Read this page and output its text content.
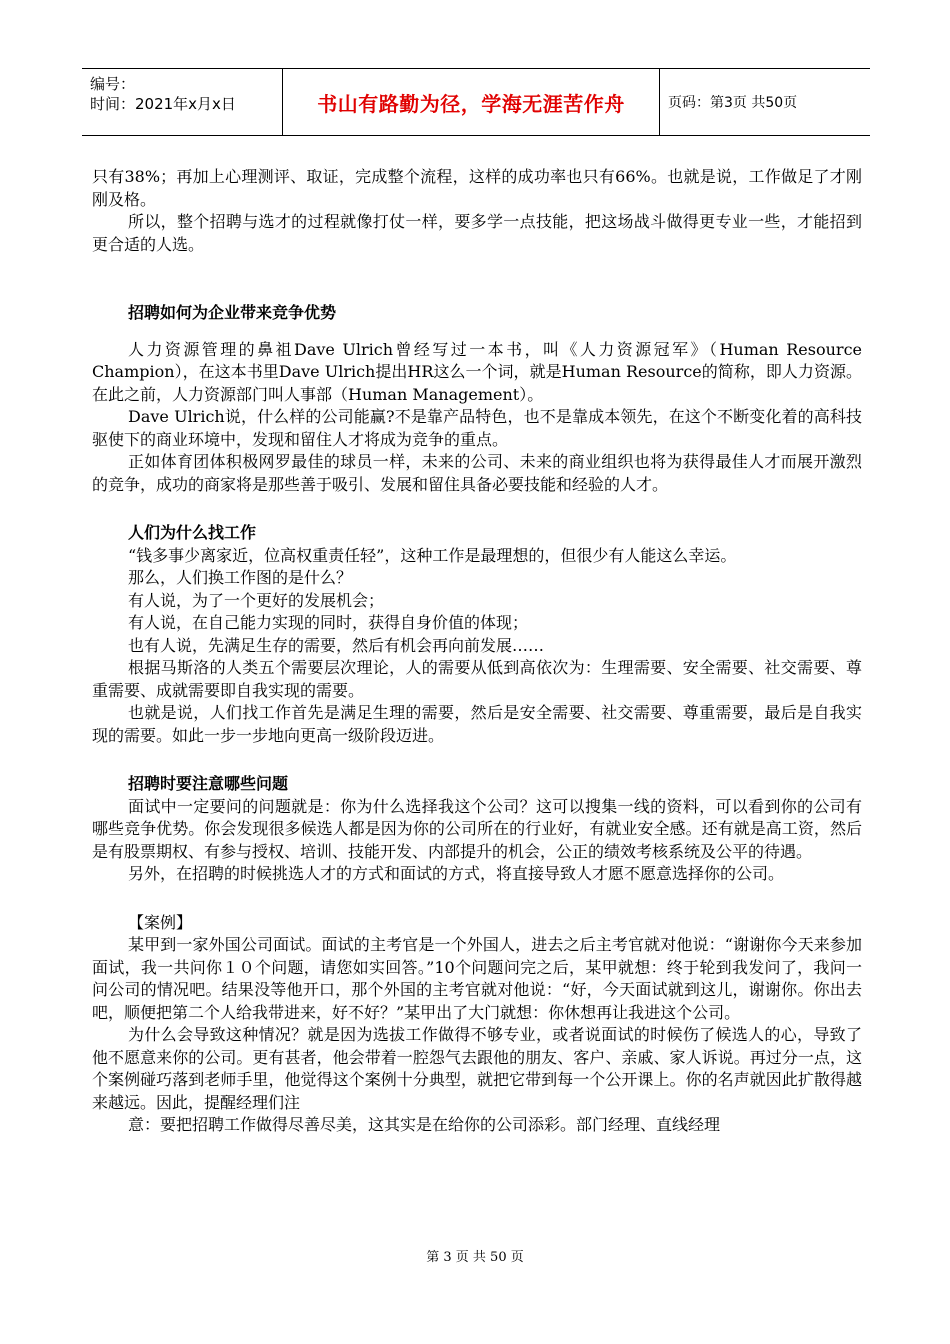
编号：
时间：2021年x月x日	书山有路勤为径，学海无涯苦作舟	页码：第3页 共50页

只有38%；再加上心理测评、取证，完成整个流程，这样的成功率也只有66%。也就是说，工作做足了才刚刚及格。

所以，整个招聘与选才的过程就像打仗一样，要多学一点技能，把这场战斗做得更专业一些，才能招到更合适的人选。

招聘如何为企业带来竞争优势

人力资源管理的鼻祖Dave Ulrich曾经写过一本书，叫《人力资源冠军》（Human Resource Champion），在这本书里Dave Ulrich提出HR这么一个词，就是Human Resource的简称，即人力资源。在此之前，人力资源部门叫人事部（Human Management）。

Dave Ulrich说，什么样的公司能赢?不是靠产品特色，也不是靠成本领先，在这个不断变化着的高科技驱使下的商业环境中，发现和留住人才将成为竞争的重点。

正如体育团体积极网罗最佳的球员一样，未来的公司、未来的商业组织也将为获得最佳人才而展开激烈的竞争，成功的商家将是那些善于吸引、发展和留住具备必要技能和经验的人才。

人们为什么找工作

“钱多事少离家近，位高权重责任轻”，这种工作是最理想的，但很少有人能这么幸运。

那么，人们换工作图的是什么？

有人说，为了一个更好的发展机会；

有人说，在自己能力实现的同时，获得自身价值的体现；

也有人说，先满足生存的需要，然后有机会再向前发展……

根据马斯洛的人类五个需要层次理论，人的需要从低到高依次为：生理需要、安全需要、社交需要、尊重需要、成就需要即自我实现的需要。

也就是说，人们找工作首先是满足生理的需要，然后是安全需要、社交需要、尊重需要，最后是自我实现的需要。如此一步一步地向更高一级阶段迈进。

招聘时要注意哪些问题

面试中一定要问的问题就是：你为什么选择我这个公司？这可以搜集一线的资料，可以看到你的公司有哪些竞争优势。你会发现很多候选人都是因为你的公司所在的行业好，有就业安全感。还有就是高工资，然后是有股票期权、有参与授权、培训、技能开发、内部提升的机会，公正的绩效考核系统及公平的待遇。

另外，在招聘的时候挑选人才的方式和面试的方式，将直接导致人才愿不愿意选择你的公司。

【案例】

某甲到一家外国公司面试。面试的主考官是一个外国人，进去之后主考官就对他说：“谢谢你今天来参加面试，我一共问你１０个问题，请您如实回答。”10个问题问完之后，某甲就想：终于轮到我发问了，我问一问公司的情况吧。结果没等他开口，那个外国的主考官就对他说：“好，今天面试就到这儿，谢谢你。你出去吧，顺便把第二个人给我带进来，好不好？”某甲出了大门就想：你休想再让我进这个公司。

为什么会导致这种情况？就是因为选拔工作做得不够专业，或者说面试的时候伤了候选人的心，导致了他不愿意来你的公司。更有甚者，他会带着一腔怨气去跟他的朋友、客户、亲戚、家人诉说。再过分一点，这个案例碰巧落到老师手里，他觉得这个案例十分典型，就把它带到每一个公开课上。你的名声就因此扩散得越来越远。因此，提醒经理们注

意：要把招聘工作做得尽善尽美，这其实是在给你的公司添彩。部门经理、直线经理

第 3 页 共 50 页
